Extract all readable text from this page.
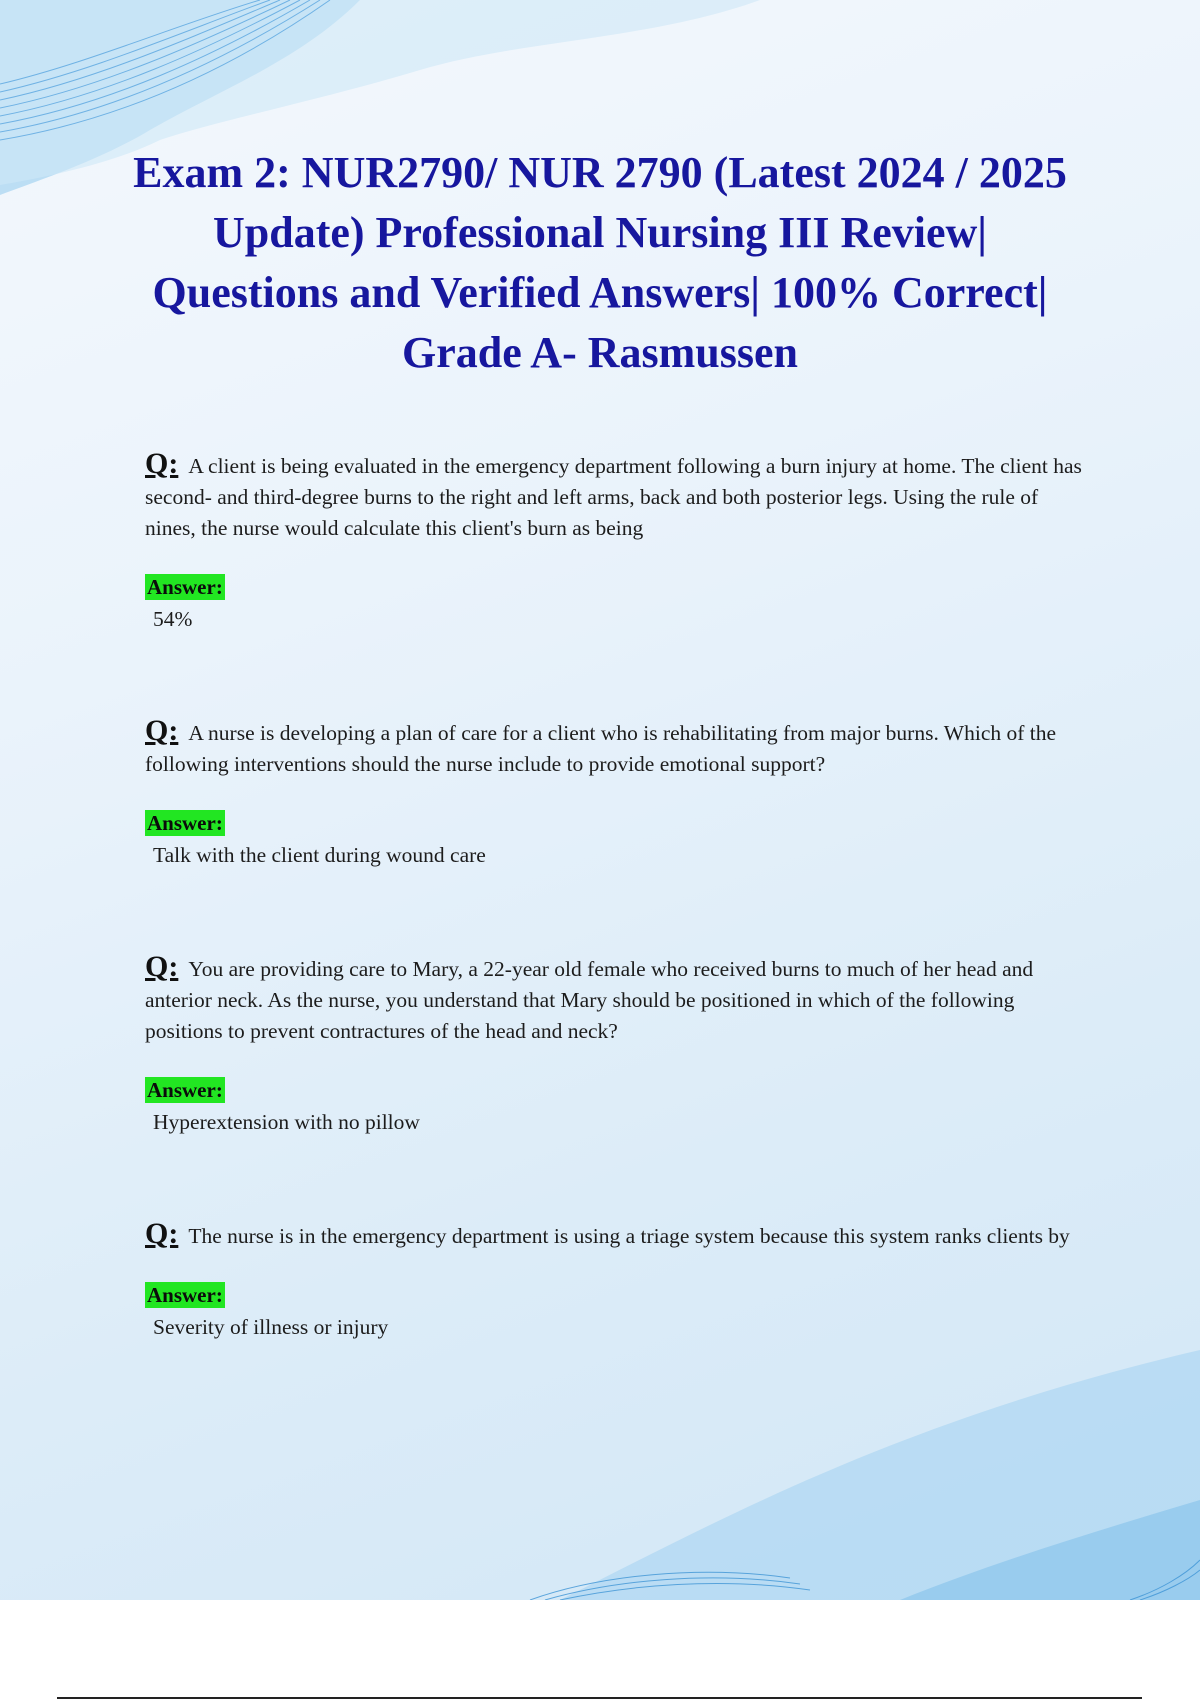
Exam 2: NUR2790/ NUR 2790 (Latest 2024 / 2025 Update) Professional Nursing III Review| Questions and Verified Answers| 100% Correct| Grade A- Rasmussen

Q: A client is being evaluated in the emergency department following a burn injury at home. The client has second- and third-degree burns to the right and left arms, back and both posterior legs. Using the rule of nines, the nurse would calculate this client's burn as being

Answer:

54%

Q: A nurse is developing a plan of care for a client who is rehabilitating from major burns. Which of the following interventions should the nurse include to provide emotional support?

Answer:

Talk with the client during wound care

Q: You are providing care to Mary, a 22-year old female who received burns to much of her head and anterior neck. As the nurse, you understand that Mary should be positioned in which of the following positions to prevent contractures of the head and neck?

Answer:

Hyperextension with no pillow

Q: The nurse is in the emergency department is using a triage system because this system ranks clients by

Answer:

Severity of illness or injury
